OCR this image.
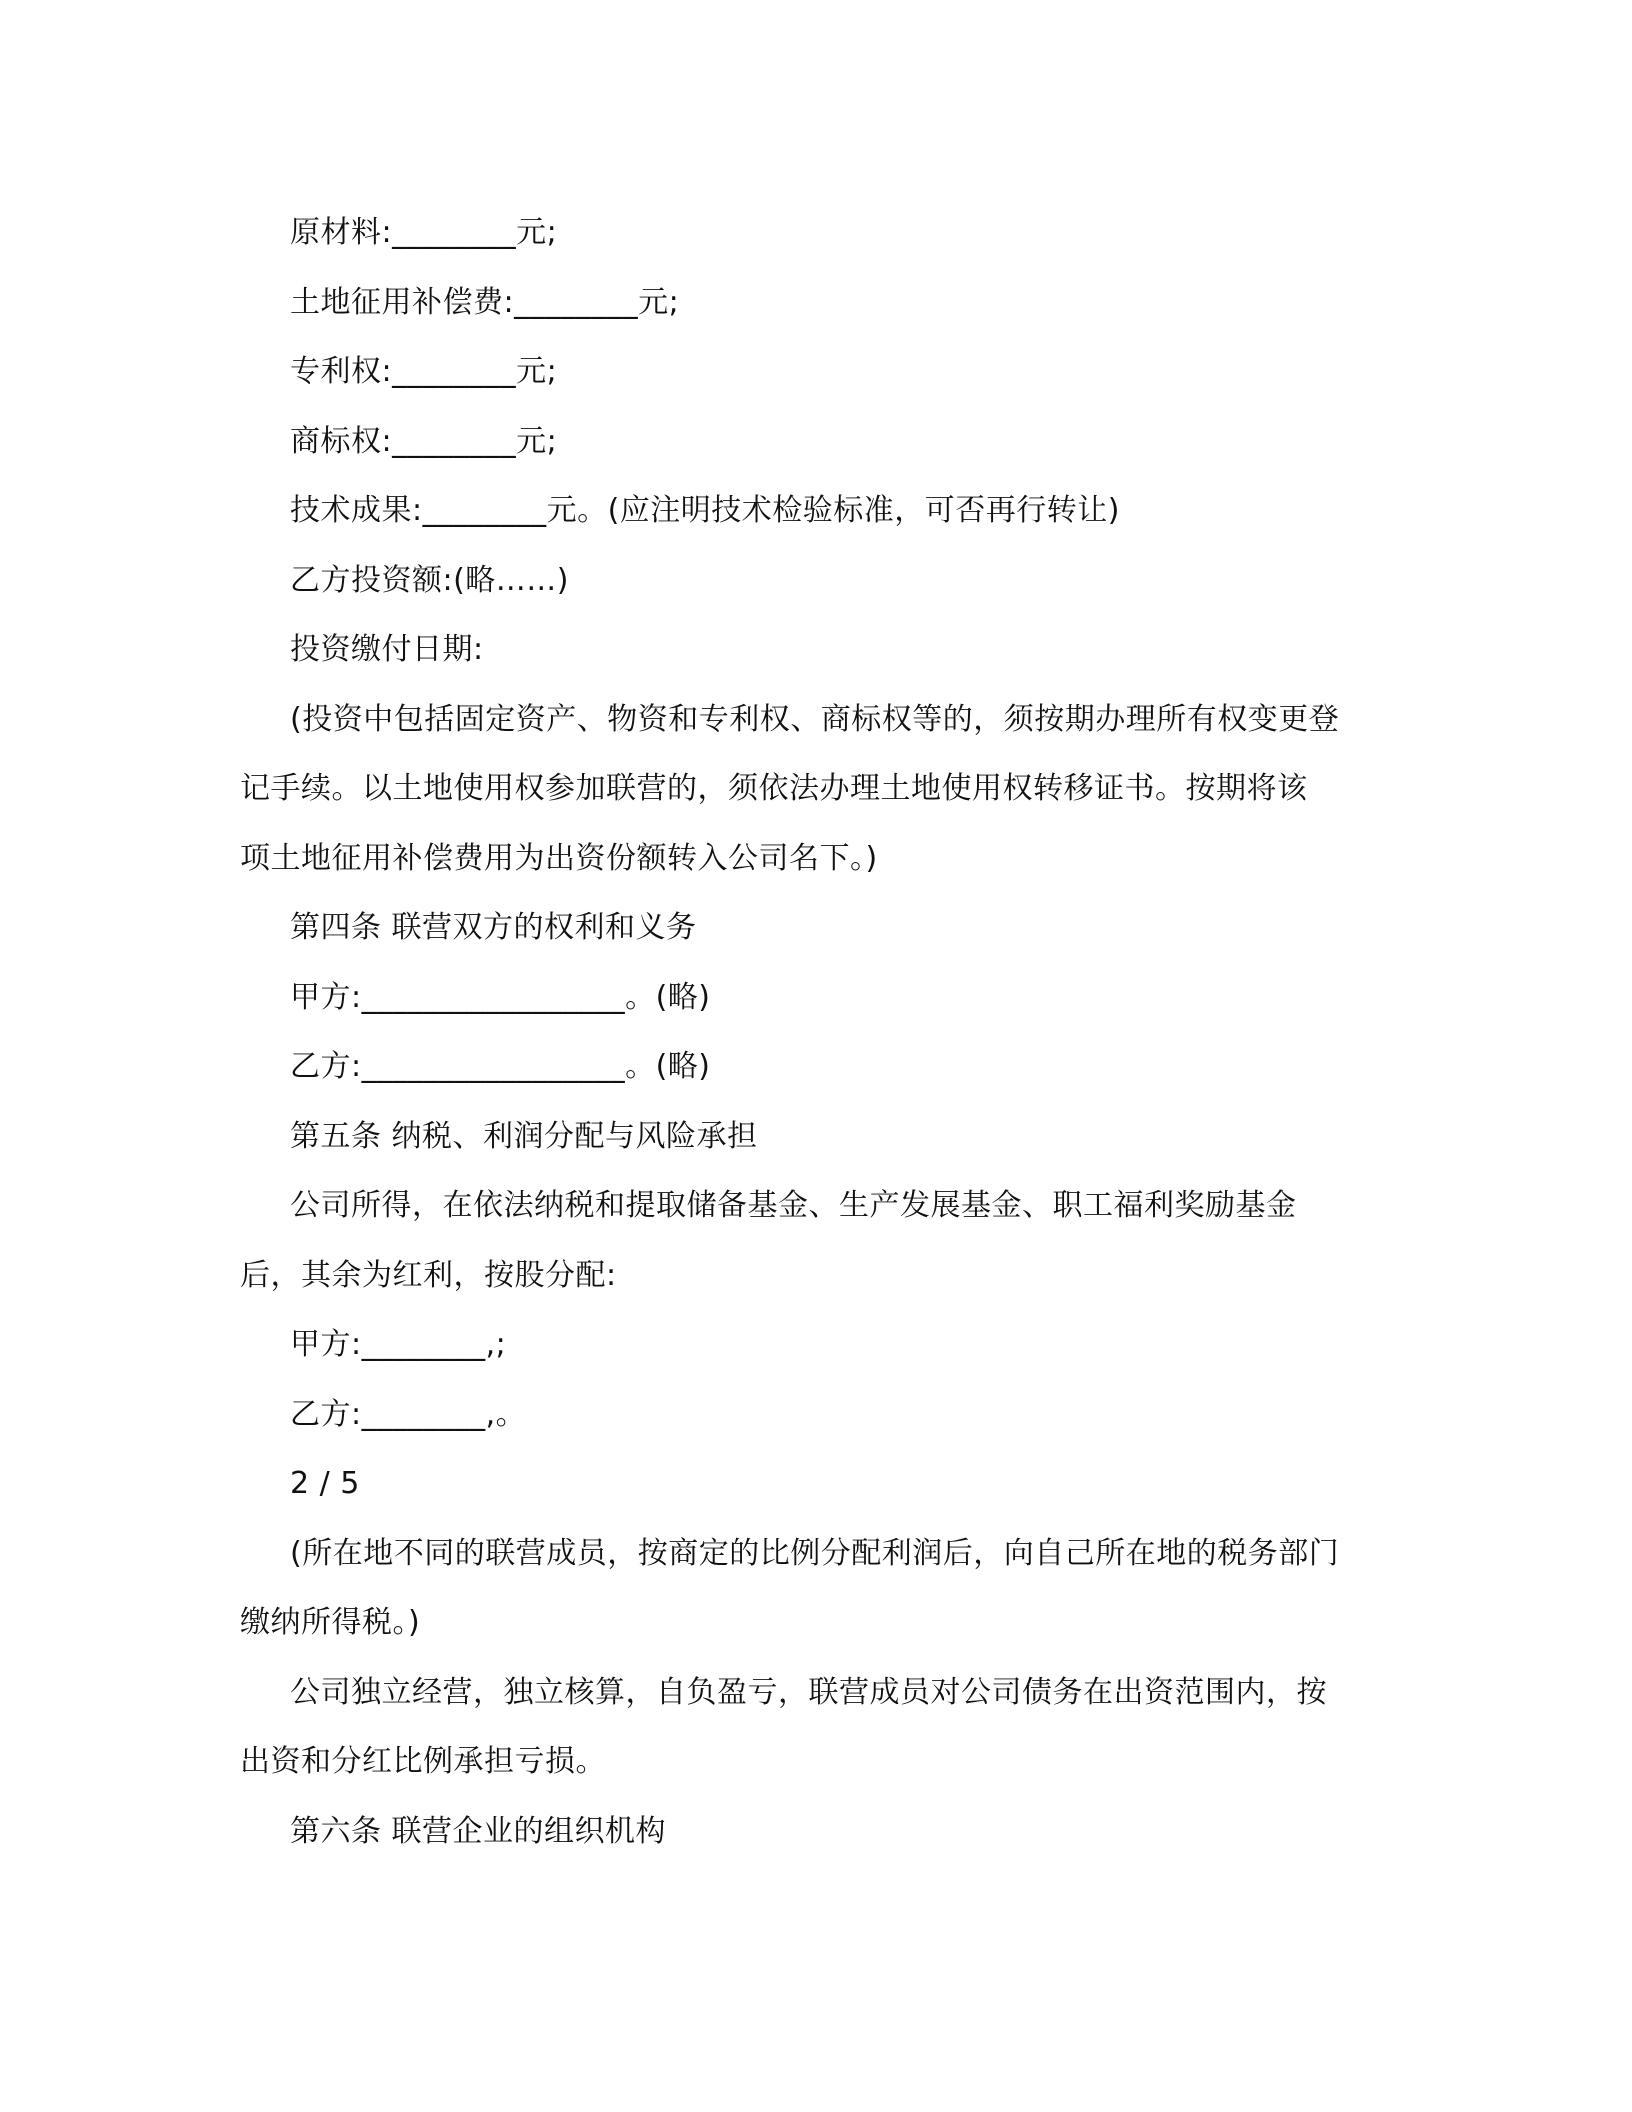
原材料:________元;
土地征用补偿费:________元;
专利权:________元;
商标权:________元;
技术成果:________元。(应注明技术检验标准，可否再行转让)
乙方投资额:(略……)
投资缴付日期:
(投资中包括固定资产、物资和专利权、商标权等的，须按期办理所有权变更登
记手续。以土地使用权参加联营的，须依法办理土地使用权转移证书。按期将该
项土地征用补偿费用为出资份额转入公司名下。)
第四条 联营双方的权利和义务
甲方:_________________。(略)
乙方:_________________。(略)
第五条 纳税、利润分配与风险承担
公司所得，在依法纳税和提取储备基金、生产发展基金、职工福利奖励基金
后，其余为红利，按股分配:
甲方:________,;
乙方:________,。
2 / 5
(所在地不同的联营成员，按商定的比例分配利润后，向自己所在地的税务部门
缴纳所得税。)
公司独立经营，独立核算，自负盈亏，联营成员对公司债务在出资范围内，按
出资和分红比例承担亏损。
第六条 联营企业的组织机构
